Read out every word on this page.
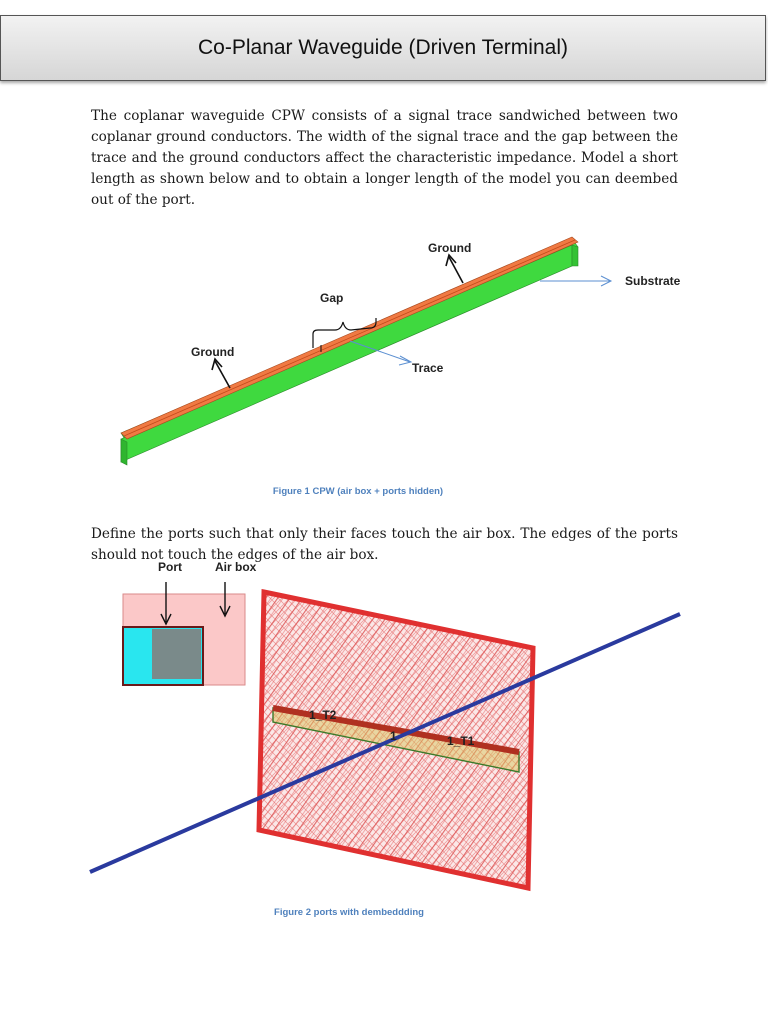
Co-Planar Waveguide (Driven Terminal)

The coplanar waveguide CPW consists of a signal trace sandwiched between two coplanar ground conductors. The width of the signal trace and the gap between the trace and the ground conductors affect the characteristic impedance. Model a short length as shown below and to obtain a longer length of the model you can deembed out of the port.

Ground
Substrate
Gap
Ground
Trace
Figure 1 CPW (air box + ports hidden)

Define the ports such that only their faces touch the air box. The edges of the ports should not touch the edges of the air box.

Port	Air box
1_T2
1	1_T1
Figure 2 ports with dembeddding
